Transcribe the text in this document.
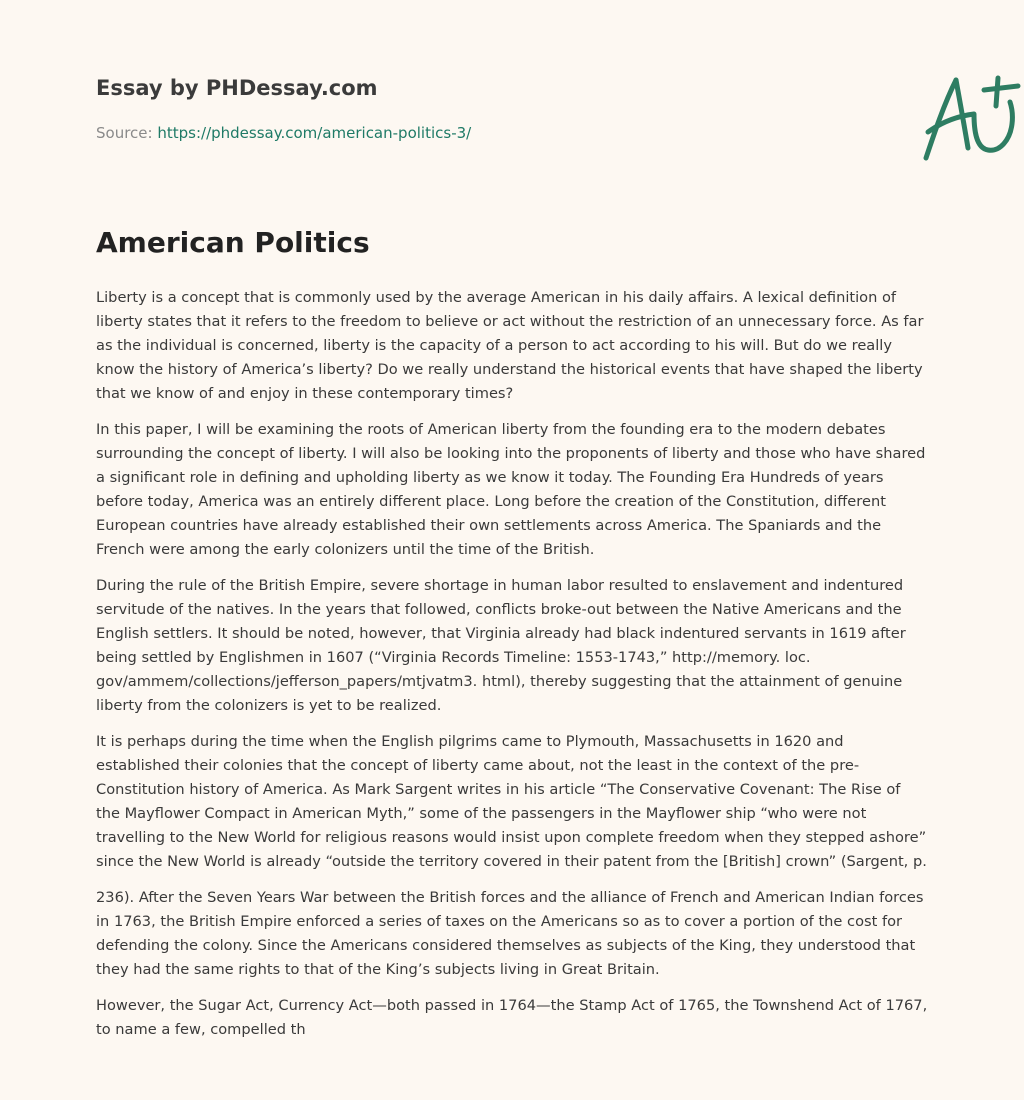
Essay by PHDessay.com
Source: https://phdessay.com/american-politics-3/
American Politics

Liberty is a concept that is commonly used by the average American in his daily affairs. A lexical definition of liberty states that it refers to the freedom to believe or act without the restriction of an unnecessary force. As far as the individual is concerned, liberty is the capacity of a person to act according to his will. But do we really know the history of America’s liberty? Do we really understand the historical events that have shaped the liberty that we know of and enjoy in these contemporary times?

In this paper, I will be examining the roots of American liberty from the founding era to the modern debates surrounding the concept of liberty. I will also be looking into the proponents of liberty and those who have shared a significant role in defining and upholding liberty as we know it today. The Founding Era Hundreds of years before today, America was an entirely different place. Long before the creation of the Constitution, different European countries have already established their own settlements across America. The Spaniards and the French were among the early colonizers until the time of the British.

During the rule of the British Empire, severe shortage in human labor resulted to enslavement and indentured servitude of the natives. In the years that followed, conflicts broke-out between the Native Americans and the English settlers. It should be noted, however, that Virginia already had black indentured servants in 1619 after being settled by Englishmen in 1607 (“Virginia Records Timeline: 1553-1743,” http://memory. loc. gov/ammem/collections/jefferson_papers/mtjvatm3. html), thereby suggesting that the attainment of genuine liberty from the colonizers is yet to be realized.

It is perhaps during the time when the English pilgrims came to Plymouth, Massachusetts in 1620 and established their colonies that the concept of liberty came about, not the least in the context of the pre-Constitution history of America. As Mark Sargent writes in his article “The Conservative Covenant: The Rise of the Mayflower Compact in American Myth,” some of the passengers in the Mayflower ship “who were not travelling to the New World for religious reasons would insist upon complete freedom when they stepped ashore” since the New World is already “outside the territory covered in their patent from the [British] crown” (Sargent, p.

236). After the Seven Years War between the British forces and the alliance of French and American Indian forces in 1763, the British Empire enforced a series of taxes on the Americans so as to cover a portion of the cost for defending the colony. Since the Americans considered themselves as subjects of the King, they understood that they had the same rights to that of the King’s subjects living in Great Britain.

However, the Sugar Act, Currency Act—both passed in 1764—the Stamp Act of 1765, the Townshend Act of 1767, to name a few, compelled th
